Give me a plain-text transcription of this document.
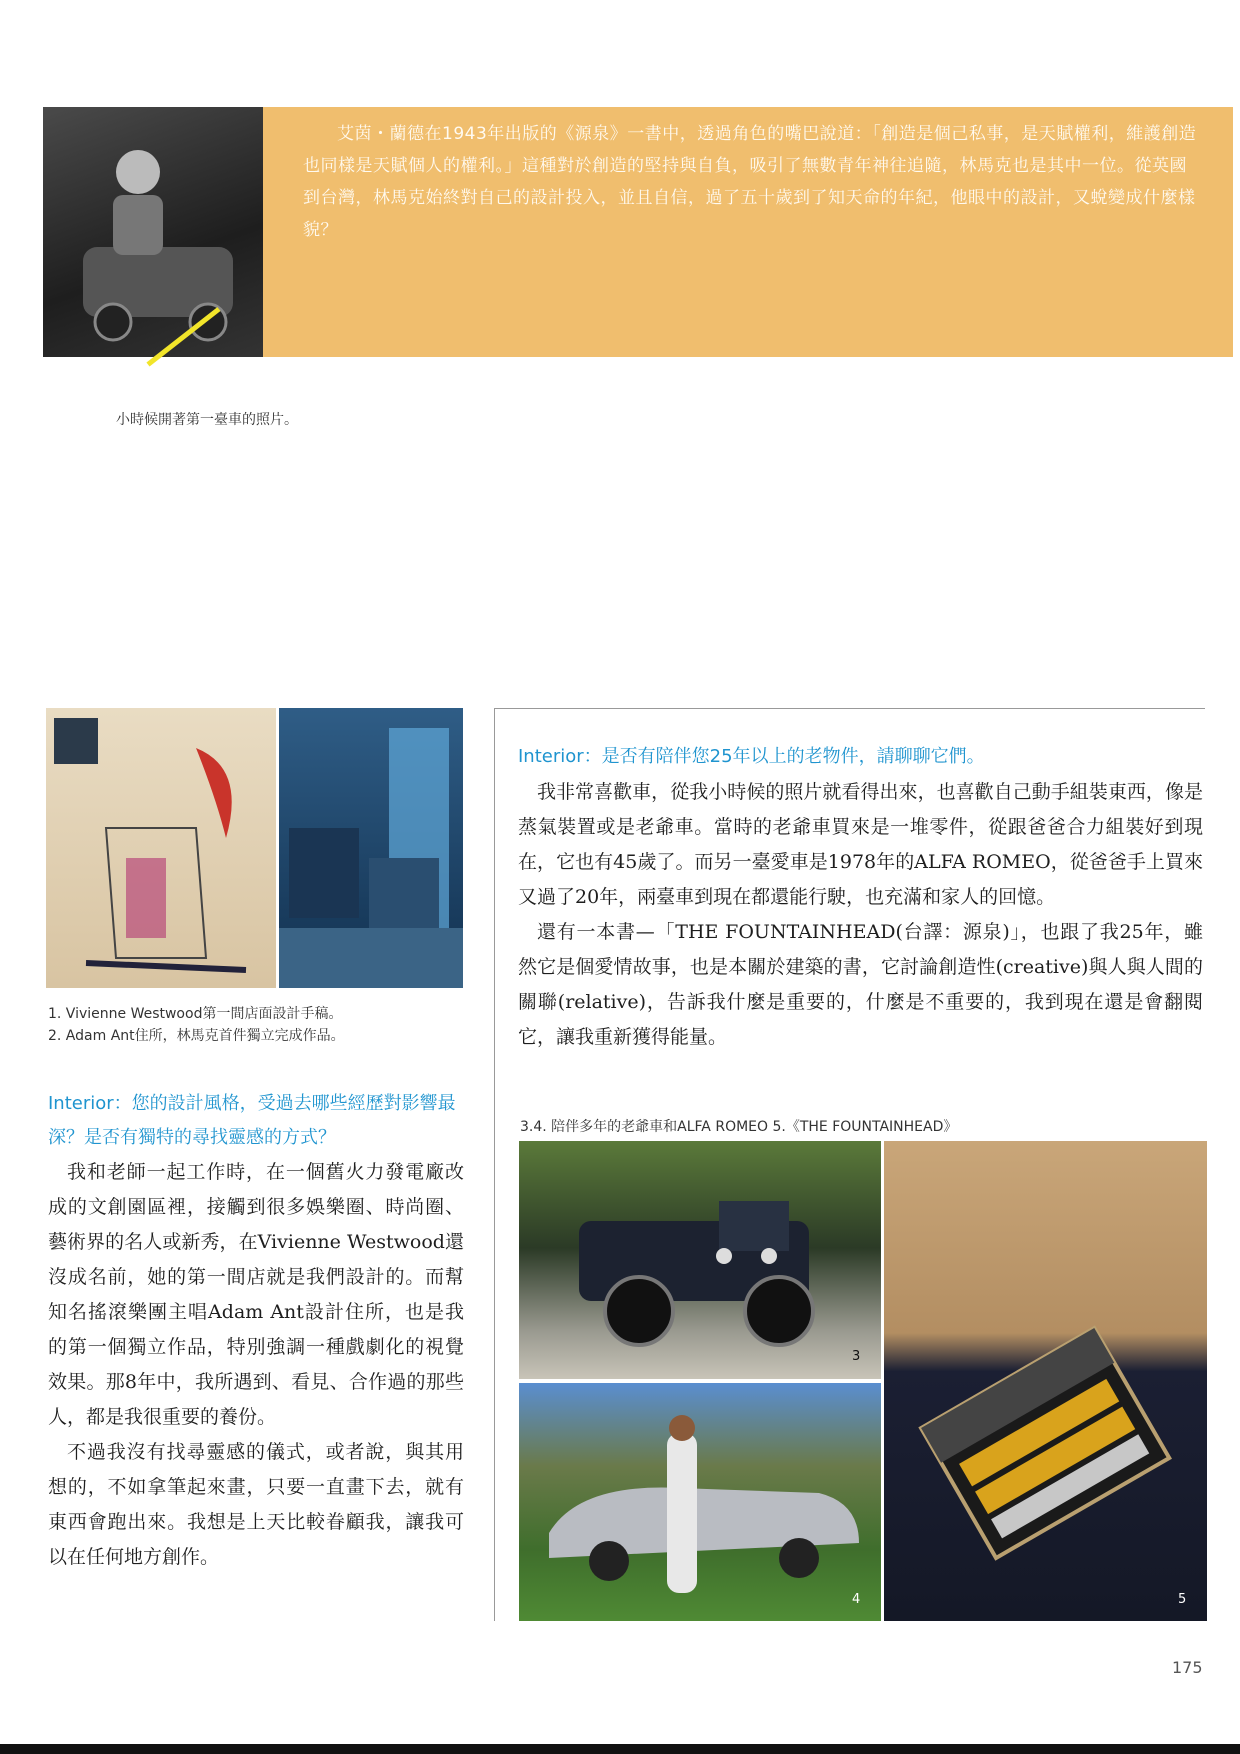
艾茵・蘭德在1943年出版的《源泉》一書中，透過角色的嘴巴說道：「創造是個己私事，是天賦權利，維護創造也同樣是天賦個人的權利。」這種對於創造的堅持與自負，吸引了無數青年神往追隨，林馬克也是其中一位。從英國到台灣，林馬克始終對自己的設計投入，並且自信，過了五十歲到了知天命的年紀，他眼中的設計，又蛻變成什麼樣貌？
小時候開著第一臺車的照片。
1. Vivienne Westwood第一間店面設計手稿。
2. Adam Ant住所，林馬克首件獨立完成作品。
Interior：您的設計風格，受過去哪些經歷對影響最深？是否有獨特的尋找靈感的方式？

我和老師一起工作時，在一個舊火力發電廠改成的文創園區裡，接觸到很多娛樂圈、時尚圈、藝術界的名人或新秀，在Vivienne Westwood還沒成名前，她的第一間店就是我們設計的。而幫知名搖滾樂團主唱Adam Ant設計住所，也是我的第一個獨立作品，特別強調一種戲劇化的視覺效果。那8年中，我所遇到、看見、合作過的那些人，都是我很重要的養份。

不過我沒有找尋靈感的儀式，或者說，與其用想的，不如拿筆起來畫，只要一直畫下去，就有東西會跑出來。我想是上天比較眷顧我，讓我可以在任何地方創作。

Interior：是否有陪伴您25年以上的老物件，請聊聊它們。

我非常喜歡車，從我小時候的照片就看得出來，也喜歡自己動手組裝東西，像是蒸氣裝置或是老爺車。當時的老爺車買來是一堆零件，從跟爸爸合力組裝好到現在，它也有45歲了。而另一臺愛車是1978年的ALFA ROMEO，從爸爸手上買來又過了20年，兩臺車到現在都還能行駛，也充滿和家人的回憶。

還有一本書—「THE FOUNTAINHEAD(台譯：源泉)」，也跟了我25年，雖然它是個愛情故事，也是本關於建築的書，它討論創造性(creative)與人與人間的關聯(relative)，告訴我什麼是重要的，什麼是不重要的，我到現在還是會翻閱它，讓我重新獲得能量。

3.4. 陪伴多年的老爺車和ALFA ROMEO 5.《THE FOUNTAINHEAD》
3
4	5
175
